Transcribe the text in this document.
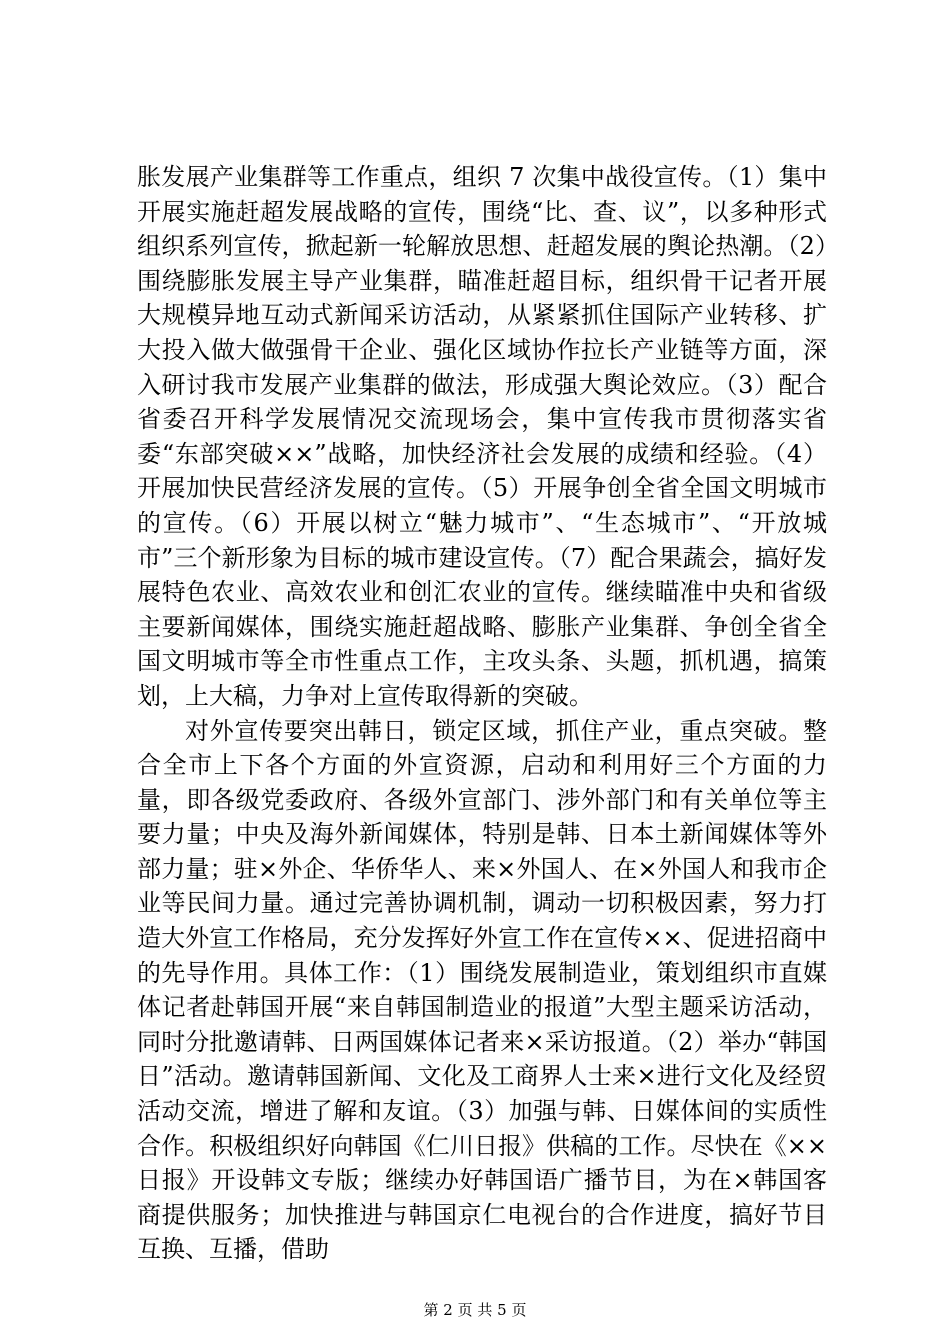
胀发展产业集群等工作重点，组织 7 次集中战役宣传。（1）集中开展实施赶超发展战略的宣传，围绕“比、查、议”，以多种形式组织系列宣传，掀起新一轮解放思想、赶超发展的舆论热潮。（2）围绕膨胀发展主导产业集群，瞄准赶超目标，组织骨干记者开展大规模异地互动式新闻采访活动，从紧紧抓住国际产业转移、扩大投入做大做强骨干企业、强化区域协作拉长产业链等方面，深入研讨我市发展产业集群的做法，形成强大舆论效应。（3）配合省委召开科学发展情况交流现场会，集中宣传我市贯彻落实省委“东部突破××”战略，加快经济社会发展的成绩和经验。（4）开展加快民营经济发展的宣传。（5）开展争创全省全国文明城市的宣传。（6）开展以树立“魅力城市”、“生态城市”、“开放城市”三个新形象为目标的城市建设宣传。（7）配合果蔬会，搞好发展特色农业、高效农业和创汇农业的宣传。继续瞄准中央和省级主要新闻媒体，围绕实施赶超战略、膨胀产业集群、争创全省全国文明城市等全市性重点工作，主攻头条、头题，抓机遇，搞策划，上大稿，力争对上宣传取得新的突破。

对外宣传要突出韩日，锁定区域，抓住产业，重点突破。整合全市上下各个方面的外宣资源，启动和利用好三个方面的力量，即各级党委政府、各级外宣部门、涉外部门和有关单位等主要力量；中央及海外新闻媒体，特别是韩、日本土新闻媒体等外部力量；驻×外企、华侨华人、来×外国人、在×外国人和我市企业等民间力量。通过完善协调机制，调动一切积极因素，努力打造大外宣工作格局，充分发挥好外宣工作在宣传××、促进招商中的先导作用。具体工作：（1）围绕发展制造业，策划组织市直媒体记者赴韩国开展“来自韩国制造业的报道”大型主题采访活动，同时分批邀请韩、日两国媒体记者来×采访报道。（2）举办“韩国日”活动。邀请韩国新闻、文化及工商界人士来×进行文化及经贸活动交流，增进了解和友谊。（3）加强与韩、日媒体间的实质性合作。积极组织好向韩国《仁川日报》供稿的工作。尽快在《××日报》开设韩文专版；继续办好韩国语广播节目，为在×韩国客商提供服务；加快推进与韩国京仁电视台的合作进度，搞好节目互换、互播，借助

第 2 页 共 5 页
